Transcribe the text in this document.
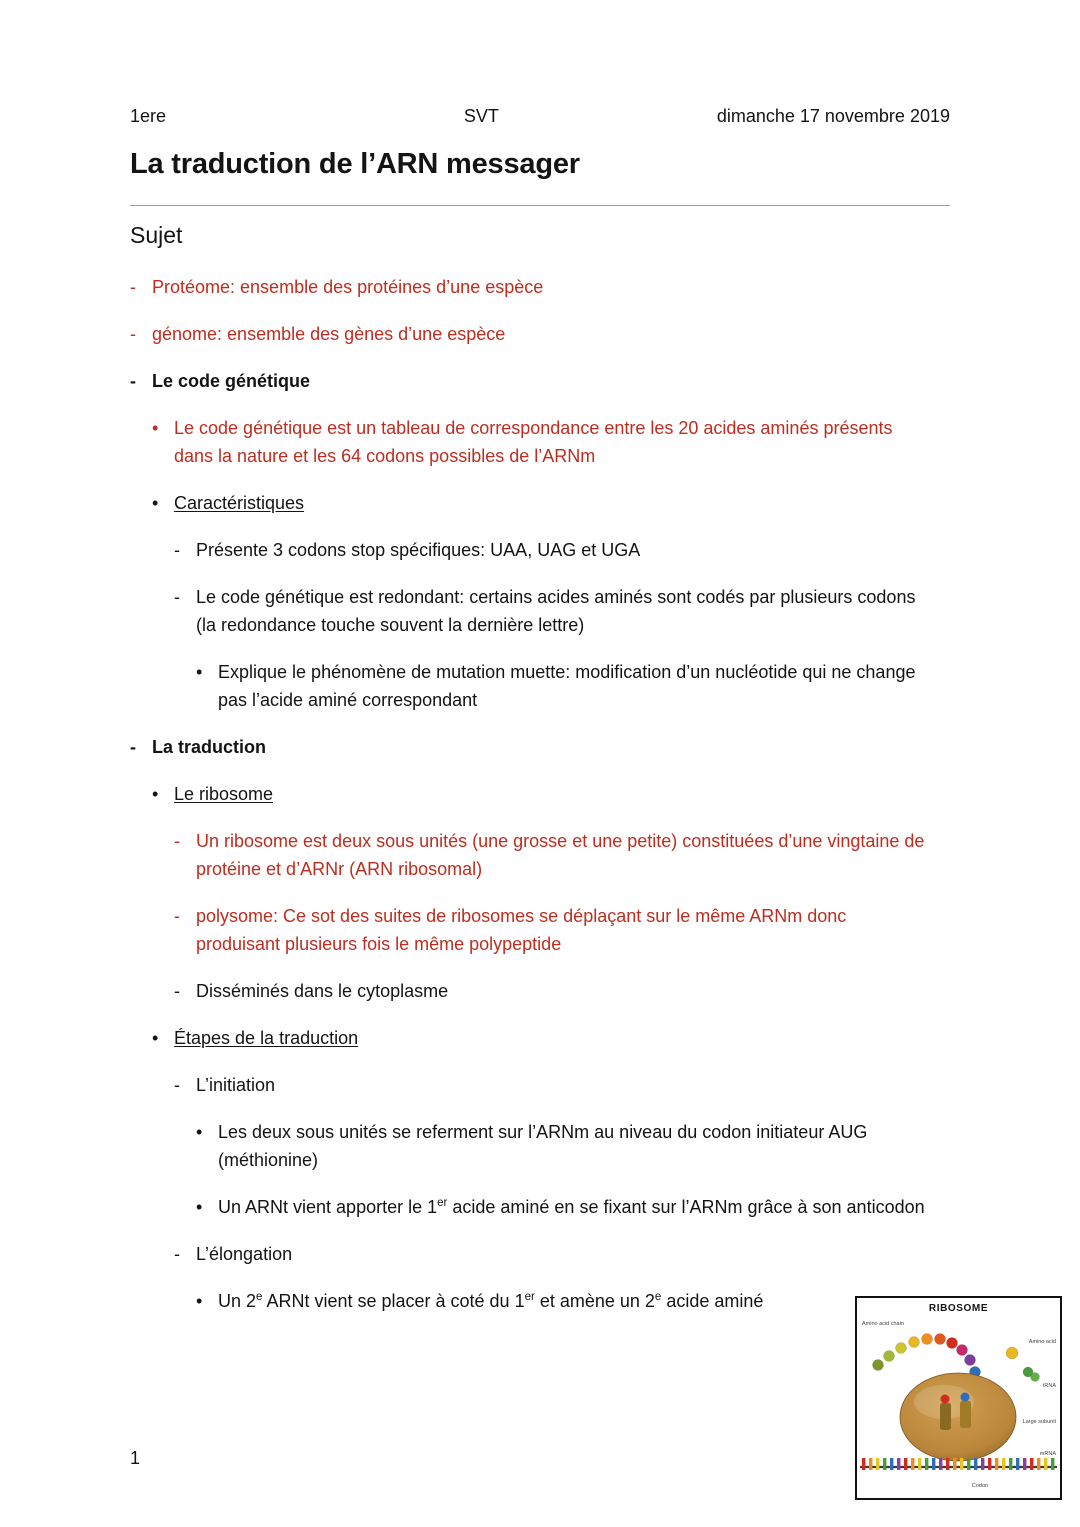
1ere	SVT	dimanche 17 novembre 2019
La traduction de l’ARN messager
Sujet
- Protéome: ensemble des protéines d’une espèce
- génome: ensemble des gènes d’une espèce
- Le code génétique
• Le code génétique est un tableau de correspondance entre les 20 acides aminés présents dans la nature et les 64 codons possibles de l’ARNm
• Caractéristiques
- Présente 3 codons stop spécifiques: UAA, UAG et UGA
- Le code génétique est redondant: certains acides aminés sont codés par plusieurs codons (la redondance touche souvent la dernière lettre)
• Explique le phénomène de mutation muette: modification d’un nucléotide qui ne change pas l’acide aminé correspondant
- La traduction
• Le ribosome
- Un ribosome est deux sous unités (une grosse et une petite) constituées d’une vingtaine de protéine et d’ARNr (ARN ribosomal)
- polysome: Ce sot des suites de ribosomes se déplaçant sur le même ARNm donc produisant plusieurs fois le même polypeptide
- Disséminés dans le cytoplasme
• Étapes de la traduction
- L’initiation
• Les deux sous unités se referment sur l’ARNm au niveau du codon initiateur AUG (méthionine)
• Un ARNt vient apporter le 1er acide aminé en se fixant sur l’ARNm grâce à son anticodon
- L’élongation
• Un 2e ARNt vient se placer à coté du 1er et amène un 2e acide aminé
1
RIBOSOME
Amino acid chain
Amino acid
tRNA
Large subunit
mRNA
Codon
